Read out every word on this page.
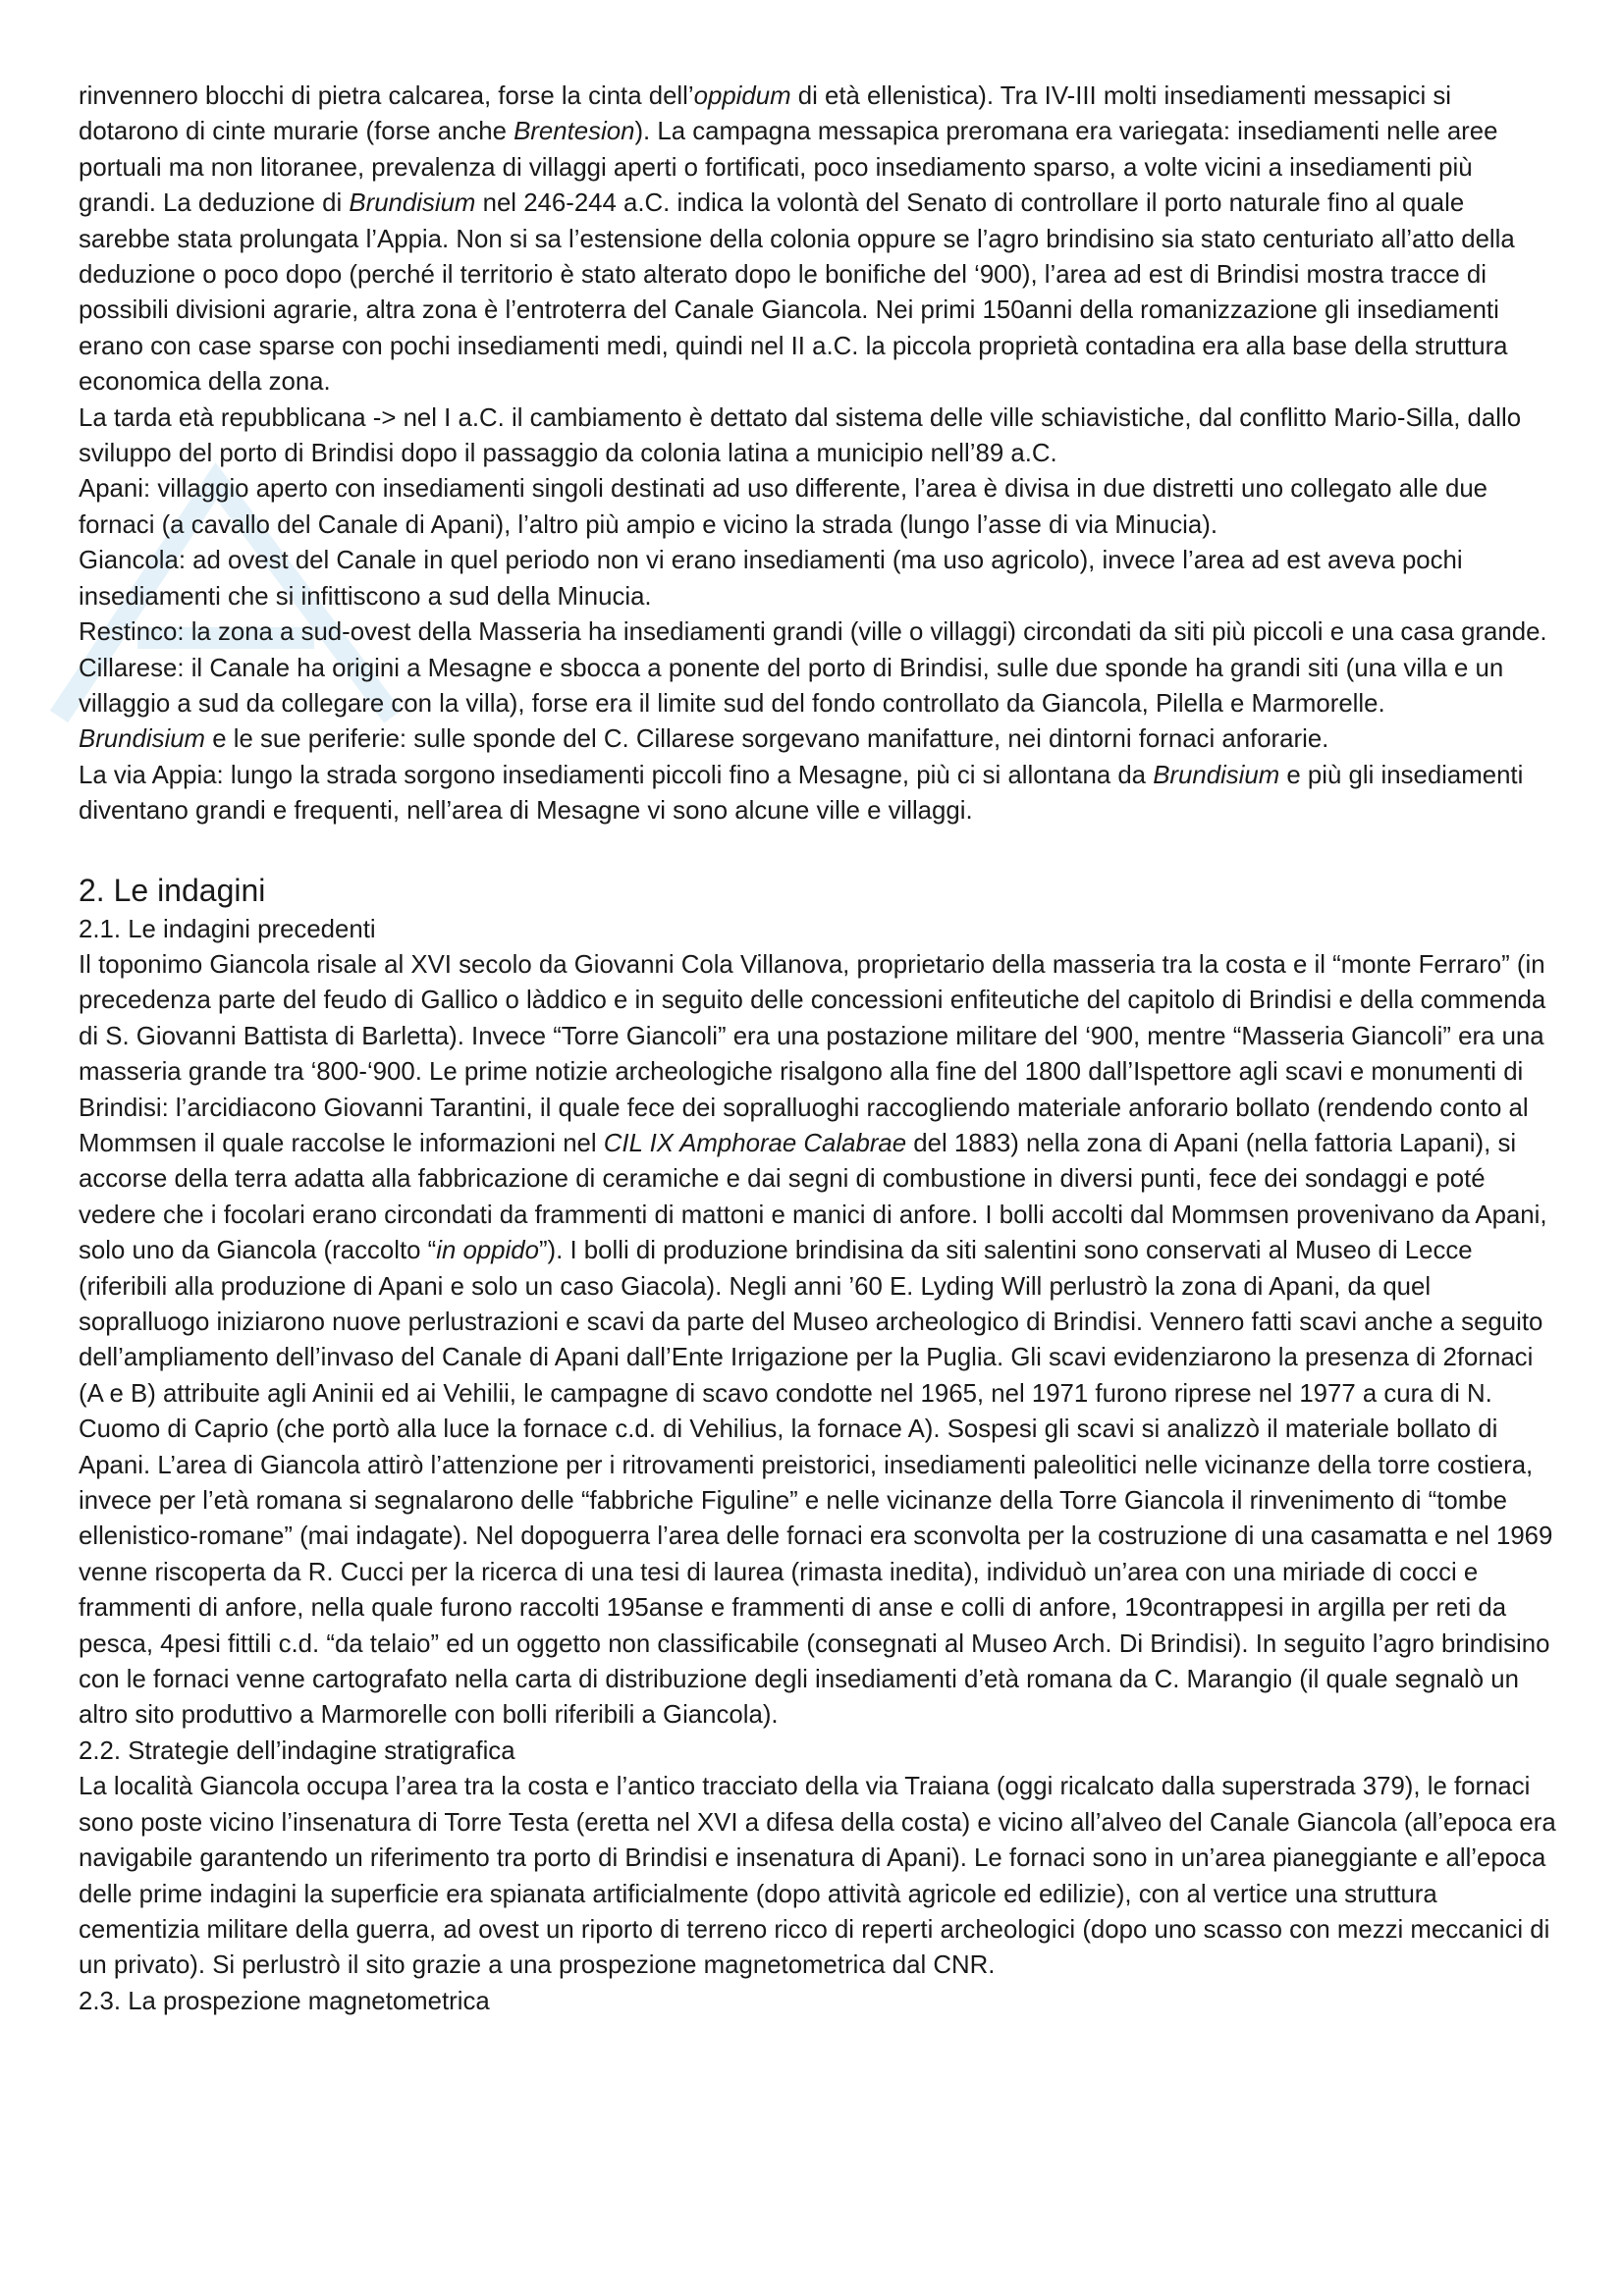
rinvennero blocchi di pietra calcarea, forse la cinta dell’oppidum di età ellenistica). Tra IV-III molti insediamenti messapici si dotarono di cinte murarie (forse anche Brentesion). La campagna messapica preromana era variegata: insediamenti nelle aree portuali ma non litoranee, prevalenza di villaggi aperti o fortificati, poco insediamento sparso, a volte vicini a insediamenti più grandi. La deduzione di Brundisium nel 246-244 a.C. indica la volontà del Senato di controllare il porto naturale fino al quale sarebbe stata prolungata l’Appia. Non si sa l’estensione della colonia oppure se l’agro brindisino sia stato centuriato all’atto della deduzione o poco dopo (perché il territorio è stato alterato dopo le bonifiche del ‘900), l’area ad est di Brindisi mostra tracce di possibili divisioni agrarie, altra zona è l’entroterra del Canale Giancola. Nei primi 150anni della romanizzazione gli insediamenti erano con case sparse con pochi insediamenti medi, quindi nel II a.C. la piccola proprietà contadina era alla base della struttura economica della zona.

La tarda età repubblicana -> nel I a.C. il cambiamento è dettato dal sistema delle ville schiavistiche, dal conflitto Mario-Silla, dallo sviluppo del porto di Brindisi dopo il passaggio da colonia latina a municipio nell’89 a.C.

Apani: villaggio aperto con insediamenti singoli destinati ad uso differente, l’area è divisa in due distretti uno collegato alle due fornaci (a cavallo del Canale di Apani), l’altro più ampio e vicino la strada (lungo l’asse di via Minucia).

Giancola: ad ovest del Canale in quel periodo non vi erano insediamenti (ma uso agricolo), invece l’area ad est aveva pochi insediamenti che si infittiscono a sud della Minucia.

Restinco: la zona a sud-ovest della Masseria ha insediamenti grandi (ville o villaggi) circondati da siti più piccoli e una casa grande.

Cillarese: il Canale ha origini a Mesagne e sbocca a ponente del porto di Brindisi, sulle due sponde ha grandi siti (una villa e un villaggio a sud da collegare con la villa), forse era il limite sud del fondo controllato da Giancola, Pilella e Marmorelle.

Brundisium e le sue periferie: sulle sponde del C. Cillarese sorgevano manifatture, nei dintorni fornaci anforarie.

La via Appia: lungo la strada sorgono insediamenti piccoli fino a Mesagne, più ci si allontana da Brundisium e più gli insediamenti diventano grandi e frequenti, nell’area di Mesagne vi sono alcune ville e villaggi.

2. Le indagini
2.1. Le indagini precedenti

Il toponimo Giancola risale al XVI secolo da Giovanni Cola Villanova, proprietario della masseria tra la costa e il “monte Ferraro” (in precedenza parte del feudo di Gallico o làddico e in seguito delle concessioni enfiteutiche del capitolo di Brindisi e della commenda di S. Giovanni Battista di Barletta). Invece “Torre Giancoli” era una postazione militare del ‘900, mentre “Masseria Giancoli” era una masseria grande tra ‘800-‘900. Le prime notizie archeologiche risalgono alla fine del 1800 dall’Ispettore agli scavi e monumenti di Brindisi: l’arcidiacono Giovanni Tarantini, il quale fece dei sopralluoghi raccogliendo materiale anforario bollato (rendendo conto al Mommsen il quale raccolse le informazioni nel CIL IX Amphorae Calabrae del 1883) nella zona di Apani (nella fattoria Lapani), si accorse della terra adatta alla fabbricazione di ceramiche e dai segni di combustione in diversi punti, fece dei sondaggi e poté vedere che i focolari erano circondati da frammenti di mattoni e manici di anfore. I bolli accolti dal Mommsen provenivano da Apani, solo uno da Giancola (raccolto “in oppido”). I bolli di produzione brindisina da siti salentini sono conservati al Museo di Lecce (riferibili alla produzione di Apani e solo un caso Giacola). Negli anni ’60 E. Lyding Will perlustrò la zona di Apani, da quel sopralluogo iniziarono nuove perlustrazioni e scavi da parte del Museo archeologico di Brindisi. Vennero fatti scavi anche a seguito dell’ampliamento dell’invaso del Canale di Apani dall’Ente Irrigazione per la Puglia. Gli scavi evidenziarono la presenza di 2fornaci (A e B) attribuite agli Aninii ed ai Vehilii, le campagne di scavo condotte nel 1965, nel 1971 furono riprese nel 1977 a cura di N. Cuomo di Caprio (che portò alla luce la fornace c.d. di Vehilius, la fornace A). Sospesi gli scavi si analizzò il materiale bollato di Apani. L’area di Giancola attirò l’attenzione per i ritrovamenti preistorici, insediamenti paleolitici nelle vicinanze della torre costiera, invece per l’età romana si segnalarono delle “fabbriche Figuline” e nelle vicinanze della Torre Giancola il rinvenimento di “tombe ellenistico-romane” (mai indagate). Nel dopoguerra l’area delle fornaci era sconvolta per la costruzione di una casamatta e nel 1969 venne riscoperta da R. Cucci per la ricerca di una tesi di laurea (rimasta inedita), individuò un’area con una miriade di cocci e frammenti di anfore, nella quale furono raccolti 195anse e frammenti di anse e colli di anfore, 19contrappesi in argilla per reti da pesca, 4pesi fittili c.d. “da telaio” ed un oggetto non classificabile (consegnati al Museo Arch. Di Brindisi). In seguito l’agro brindisino con le fornaci venne cartografato nella carta di distribuzione degli insediamenti d’età romana da C. Marangio (il quale segnalò un altro sito produttivo a Marmorelle con bolli riferibili a Giancola).

2.2. Strategie dell’indagine stratigrafica

La località Giancola occupa l’area tra la costa e l’antico tracciato della via Traiana (oggi ricalcato dalla superstrada 379), le fornaci sono poste vicino l’insenatura di Torre Testa (eretta nel XVI a difesa della costa) e vicino all’alveo del Canale Giancola (all’epoca era navigabile garantendo un riferimento tra porto di Brindisi e insenatura di Apani). Le fornaci sono in un’area pianeggiante e all’epoca delle prime indagini la superficie era spianata artificialmente (dopo attività agricole ed edilizie), con al vertice una struttura cementizia militare della guerra, ad ovest un riporto di terreno ricco di reperti archeologici (dopo uno scasso con mezzi meccanici di un privato). Si perlustrò il sito grazie a una prospezione magnetometrica dal CNR.

2.3. La prospezione magnetometrica
